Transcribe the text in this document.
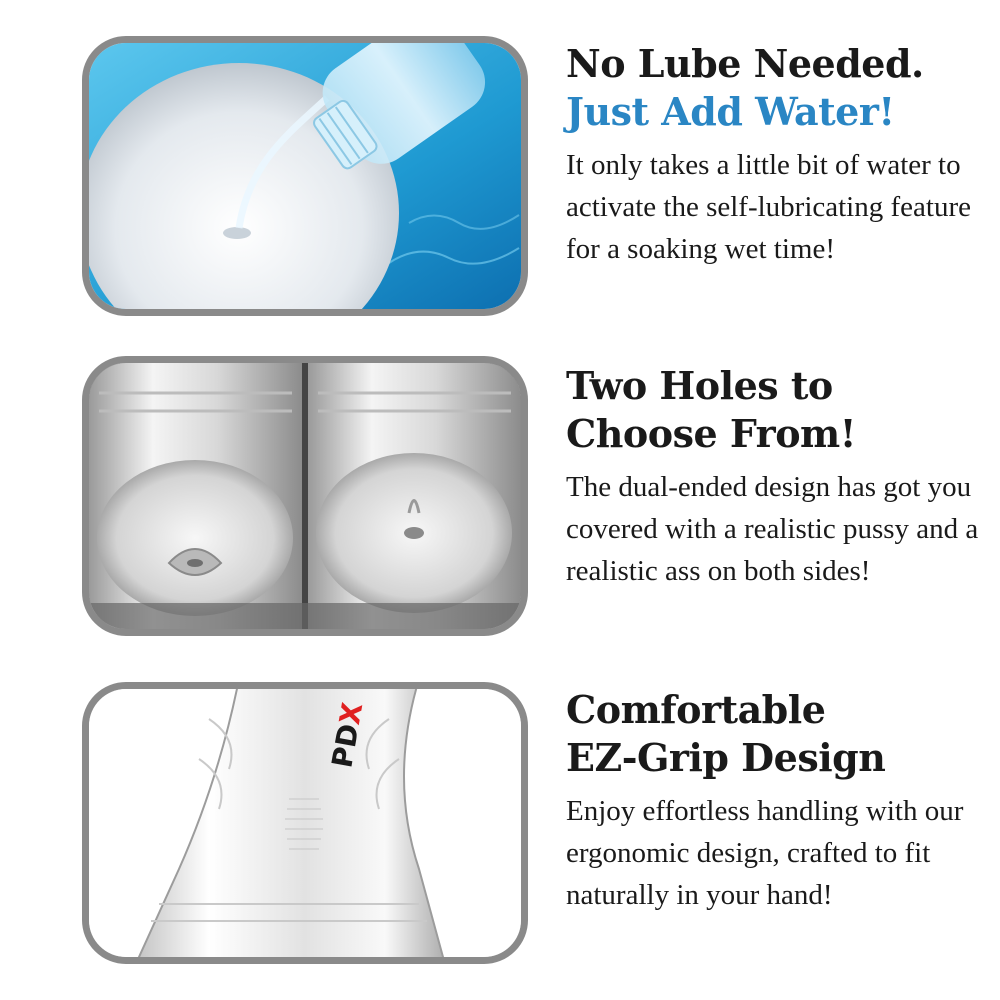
No Lube Needed.

Just Add Water!

It only takes a little bit of water to activate the self-lubricating feature for a soaking wet time!

Two Holes to

Choose From!

The dual-ended design has got you covered with a realistic pussy and a realistic ass on both sides!

PDX	Comfortable

EZ-Grip Design

Enjoy effortless handling with our ergonomic design, crafted to fit naturally in your hand!
